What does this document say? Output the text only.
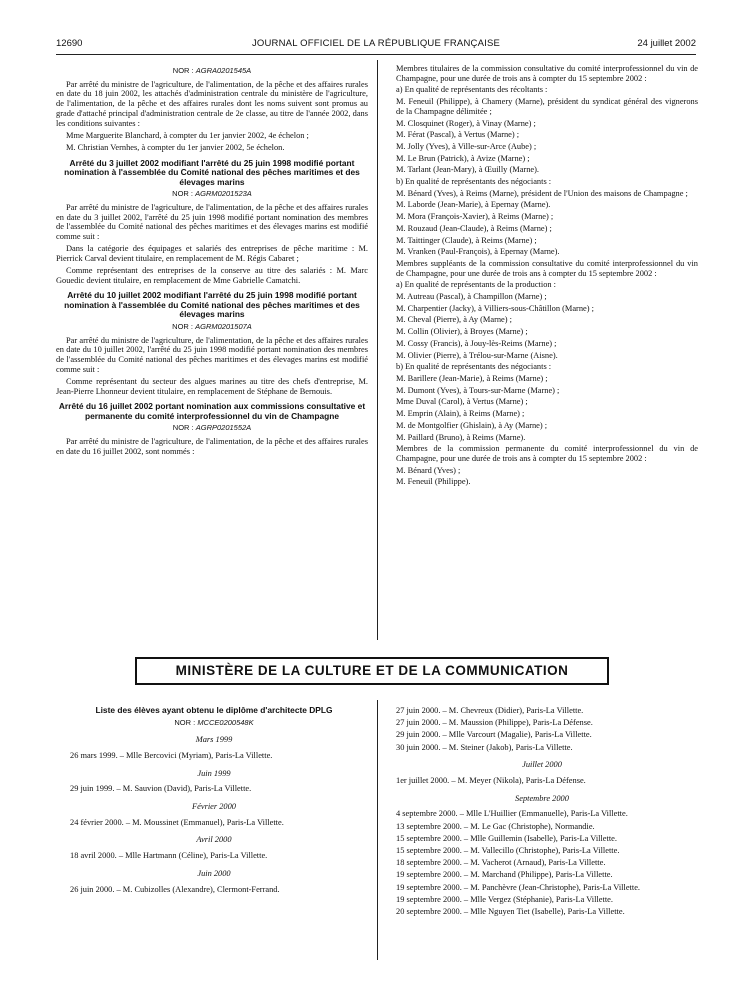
12690	JOURNAL OFFICIEL DE LA RÉPUBLIQUE FRANÇAISE	24 juillet 2002
NOR : AGRA0201545A

Par arrêté du ministre de l'agriculture, de l'alimentation, de la pêche et des affaires rurales en date du 18 juin 2002, les attachés d'administration centrale du ministère de l'agriculture, de l'alimentation, de la pêche et des affaires rurales dont les noms suivent sont promus au grade d'attaché principal d'administration centrale de 2e classe, au titre de l'année 2002, dans les conditions suivantes :

Mme Marguerite Blanchard, à compter du 1er janvier 2002, 4e échelon ;

M. Christian Vernhes, à compter du 1er janvier 2002, 5e échelon.

Arrêté du 3 juillet 2002 modifiant l'arrêté du 25 juin 1998 modifié portant nomination à l'assemblée du Comité national des pêches maritimes et des élevages marins
NOR : AGRM0201523A

Par arrêté du ministre de l'agriculture, de l'alimentation, de la pêche et des affaires rurales en date du 3 juillet 2002, l'arrêté du 25 juin 1998 modifié portant nomination des membres de l'assemblée du Comité national des pêches maritimes et des élevages marins est modifié comme suit :

Dans la catégorie des équipages et salariés des entreprises de pêche maritime : M. Pierrick Carval devient titulaire, en remplacement de M. Régis Cabaret ;

Comme représentant des entreprises de la conserve au titre des salariés : M. Marc Gouedic devient titulaire, en remplacement de Mme Gabrielle Camatchi.

Arrêté du 10 juillet 2002 modifiant l'arrêté du 25 juin 1998 modifié portant nomination à l'assemblée du Comité national des pêches maritimes et des élevages marins
NOR : AGRM0201507A

Par arrêté du ministre de l'agriculture, de l'alimentation, de la pêche et des affaires rurales en date du 10 juillet 2002, l'arrêté du 25 juin 1998 modifié portant nomination des membres de l'assemblée du Comité national des pêches maritimes et des élevages marins est modifié comme suit :

Comme représentant du secteur des algues marines au titre des chefs d'entreprise, M. Jean-Pierre Lhonneur devient titulaire, en remplacement de Stéphane de Bernouis.

Arrêté du 16 juillet 2002 portant nomination aux commissions consultative et permanente du comité interprofessionnel du vin de Champagne
NOR : AGRP0201552A

Par arrêté du ministre de l'agriculture, de l'alimentation, de la pêche et des affaires rurales en date du 16 juillet 2002, sont nommés :

Membres titulaires de la commission consultative du comité interprofessionnel du vin de Champagne, pour une durée de trois ans à compter du 15 septembre 2002 :

a) En qualité de représentants des récoltants :

M. Feneuil (Philippe), à Chamery (Marne), président du syndicat général des vignerons de la Champagne délimitée ;

M. Closquinet (Roger), à Vinay (Marne) ;

M. Férat (Pascal), à Vertus (Marne) ;

M. Jolly (Yves), à Ville-sur-Arce (Aube) ;

M. Le Brun (Patrick), à Avize (Marne) ;

M. Tarlant (Jean-Mary), à Œuilly (Marne).

b) En qualité de représentants des négociants :

M. Bénard (Yves), à Reims (Marne), président de l'Union des maisons de Champagne ;

M. Laborde (Jean-Marie), à Epernay (Marne).

M. Mora (François-Xavier), à Reims (Marne) ;

M. Rouzaud (Jean-Claude), à Reims (Marne) ;

M. Taittinger (Claude), à Reims (Marne) ;

M. Vranken (Paul-François), à Epernay (Marne).

Membres suppléants de la commission consultative du comité interprofessionnel du vin de Champagne, pour une durée de trois ans à compter du 15 septembre 2002 :

a) En qualité de représentants de la production :

M. Autreau (Pascal), à Champillon (Marne) ;

M. Charpentier (Jacky), à Villiers-sous-Châtillon (Marne) ;

M. Cheval (Pierre), à Ay (Marne) ;

M. Collin (Olivier), à Broyes (Marne) ;

M. Cossy (Francis), à Jouy-lès-Reims (Marne) ;

M. Olivier (Pierre), à Trélou-sur-Marne (Aisne).

b) En qualité de représentants des négociants :

M. Barillere (Jean-Marie), à Reims (Marne) ;

M. Dumont (Yves), à Tours-sur-Marne (Marne) ;

Mme Duval (Carol), à Vertus (Marne) ;

M. Emprin (Alain), à Reims (Marne) ;

M. de Montgolfier (Ghislain), à Ay (Marne) ;

M. Paillard (Bruno), à Reims (Marne).

Membres de la commission permanente du comité interprofessionnel du vin de Champagne, pour une durée de trois ans à compter du 15 septembre 2002 :

M. Bénard (Yves) ;

M. Feneuil (Philippe).

MINISTÈRE DE LA CULTURE ET DE LA COMMUNICATION
Liste des élèves ayant obtenu le diplôme d'architecte DPLG
NOR : MCCE0200548K
Mars 1999

26 mars 1999. – Mlle Bercovici (Myriam), Paris-La Villette.

Juin 1999

29 juin 1999. – M. Sauvion (David), Paris-La Villette.

Février 2000

24 février 2000. – M. Moussinet (Emmanuel), Paris-La Villette.

Avril 2000

18 avril 2000. – Mlle Hartmann (Céline), Paris-La Villette.

Juin 2000

26 juin 2000. – M. Cubizolles (Alexandre), Clermont-Ferrand.

27 juin 2000. – M. Chevreux (Didier), Paris-La Villette.

27 juin 2000. – M. Maussion (Philippe), Paris-La Défense.

29 juin 2000. – Mlle Varcourt (Magalie), Paris-La Villette.

30 juin 2000. – M. Steiner (Jakob), Paris-La Villette.

Juillet 2000

1er juillet 2000. – M. Meyer (Nikola), Paris-La Défense.

Septembre 2000

4 septembre 2000. – Mlle L'Huillier (Emmanuelle), Paris-La Villette.

13 septembre 2000. – M. Le Gac (Christophe), Normandie.

15 septembre 2000. – Mlle Guillemin (Isabelle), Paris-La Villette.

15 septembre 2000. – M. Vallecillo (Christophe), Paris-La Villette.

18 septembre 2000. – M. Vacherot (Arnaud), Paris-La Villette.

19 septembre 2000. – M. Marchand (Philippe), Paris-La Villette.

19 septembre 2000. – M. Panchèvre (Jean-Christophe), Paris-La Villette.

19 septembre 2000. – Mlle Vergez (Stéphanie), Paris-La Villette.

20 septembre 2000. – Mlle Nguyen Tiet (Isabelle), Paris-La Villette.
